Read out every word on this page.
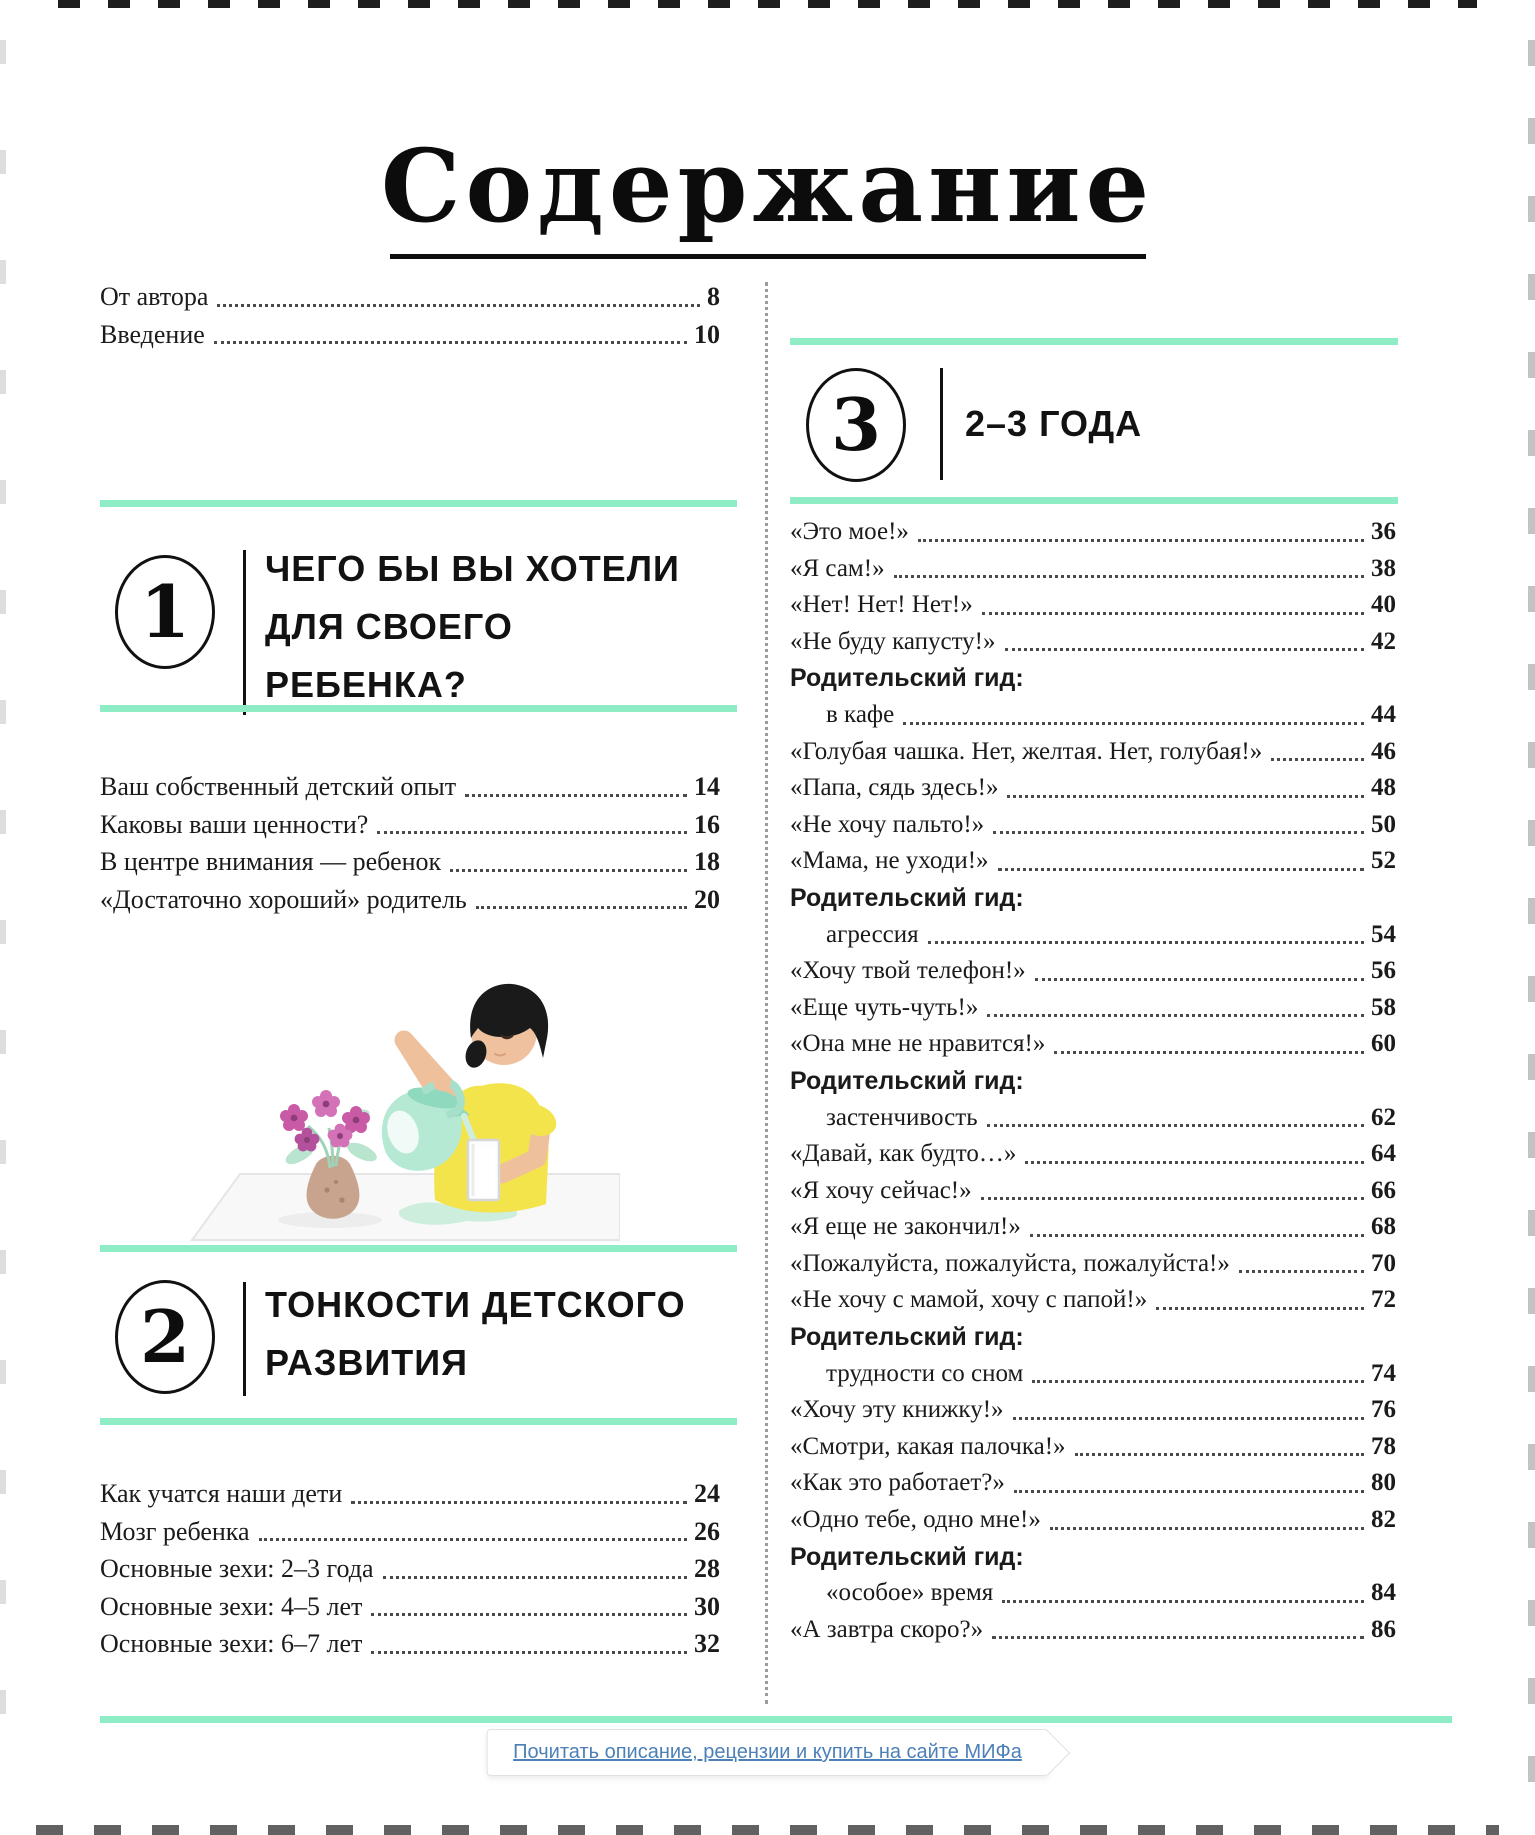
Содержание
От автора	8
Введение	10
1
ЧЕГО БЫ ВЫ ХОТЕЛИ ДЛЯ СВОЕГО РЕБЕНКА?
Ваш собственный детский опыт	14
Каковы ваши ценности?	16
В центре внимания — ребенок	18
«Достаточно хороший» родитель	20
2 ТОНКОСТИ ДЕТСКОГО РАЗВИТИЯ
Как учатся наши дети	24
Мозг ребенка	26
Основные зехи: 2–3 года	28
Основные зехи: 4–5 лет	30
Основные зехи: 6–7 лет	32
3 2–3 ГОДА
«Это мое!»	36
«Я сам!»	38
«Нет! Нет! Нет!»	40
«Не буду капусту!»	42
Родительский гид:
в кафе	44
«Голубая чашка. Нет, желтая. Нет, голубая!»	46
«Папа, сядь здесь!»	48
«Не хочу пальто!»	50
«Мама, не уходи!»	52
Родительский гид:
агрессия	54
«Хочу твой телефон!»	56
«Еще чуть-чуть!»	58
«Она мне не нравится!»	60
Родительский гид:
застенчивость	62
«Давай, как будто…»	64
«Я хочу сейчас!»	66
«Я еще не закончил!»	68
«Пожалуйста, пожалуйста, пожалуйста!»	70
«Не хочу с мамой, хочу с папой!»	72
Родительский гид:
трудности со сном	74
«Хочу эту книжку!»	76
«Смотри, какая палочка!»	78
«Как это работает?»	80
«Одно тебе, одно мне!»	82
Родительский гид:
«особое» время	84
«А завтра скоро?»	86
Почитать описание, рецензии и купить на сайте МИФа
